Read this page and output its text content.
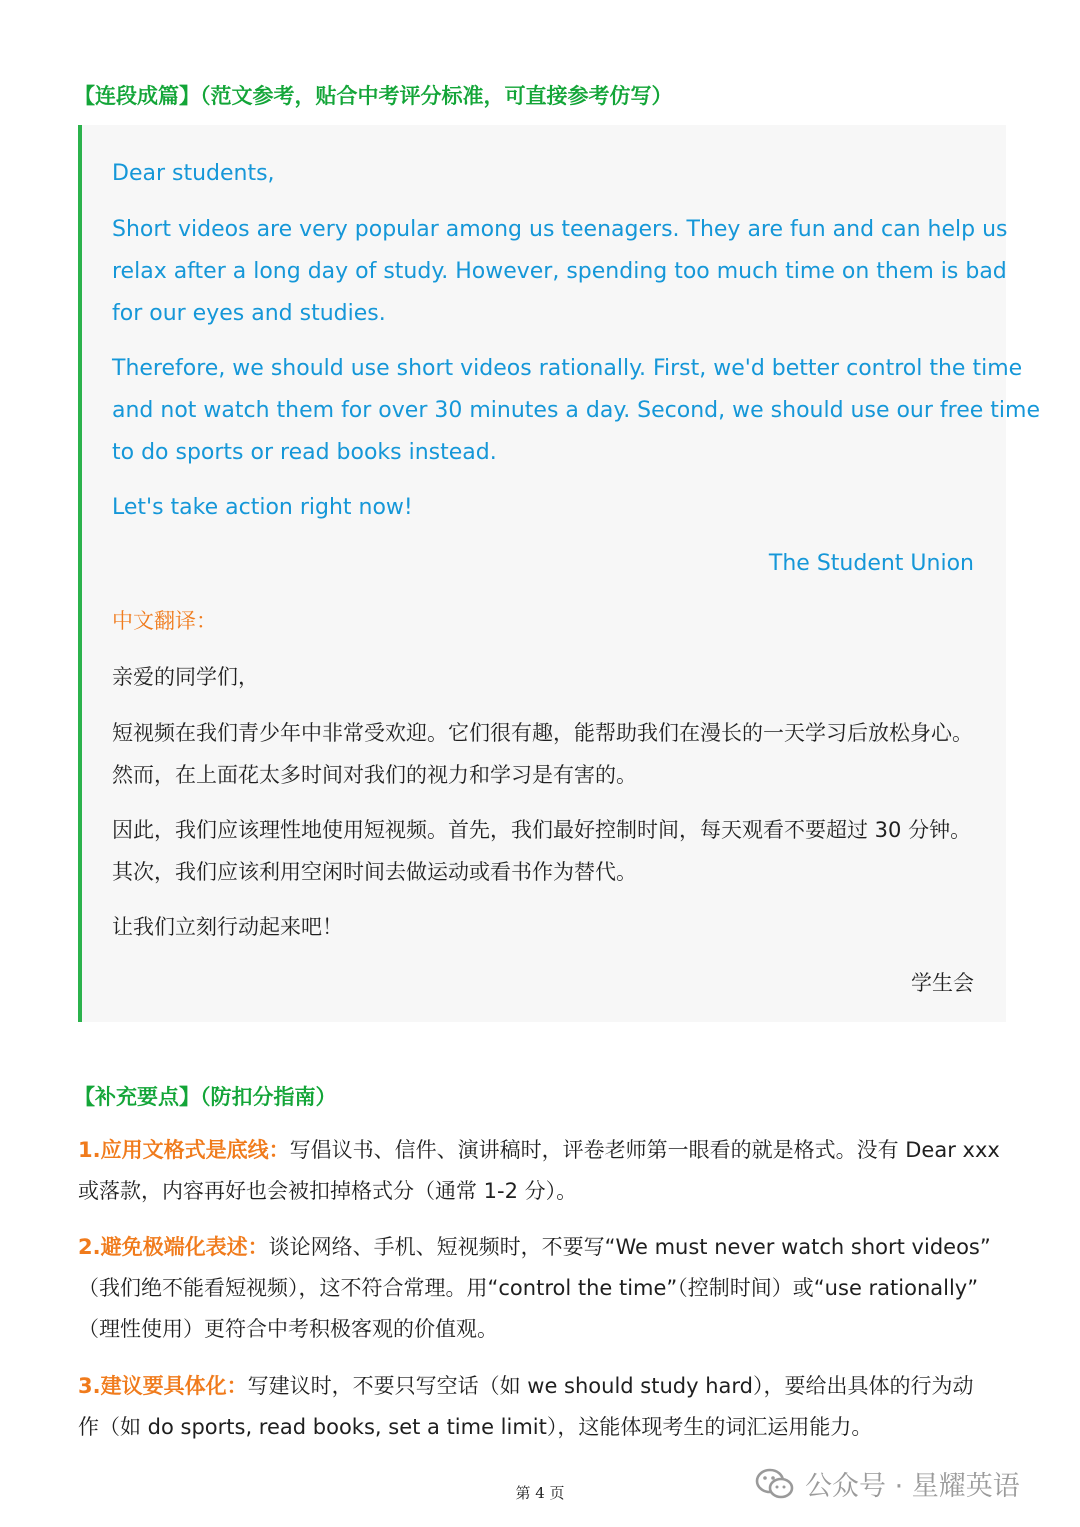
【连段成篇】（范文参考，贴合中考评分标准，可直接参考仿写）
Dear students,
Short videos are very popular among us teenagers. They are fun and can help us
relax after a long day of study. However, spending too much time on them is bad
for our eyes and studies.
Therefore, we should use short videos rationally. First, we'd better control the time
and not watch them for over 30 minutes a day. Second, we should use our free time
to do sports or read books instead.
Let's take action right now!
The Student Union
中文翻译：
亲爱的同学们，
短视频在我们青少年中非常受欢迎。它们很有趣，能帮助我们在漫长的一天学习后放松身心。
然而，在上面花太多时间对我们的视力和学习是有害的。
因此，我们应该理性地使用短视频。首先，我们最好控制时间，每天观看不要超过 30 分钟。
其次，我们应该利用空闲时间去做运动或看书作为替代。
让我们立刻行动起来吧！
学生会
【补充要点】（防扣分指南）
1.应用文格式是底线：写倡议书、信件、演讲稿时，评卷老师第一眼看的就是格式。没有 Dear xxx
或落款，内容再好也会被扣掉格式分（通常 1-2 分）。
2.避免极端化表述：谈论网络、手机、短视频时，不要写“We must never watch short videos”
（我们绝不能看短视频），这不符合常理。用“control the time”（控制时间）或“use rationally”
（理性使用）更符合中考积极客观的价值观。
3.建议要具体化：写建议时，不要只写空话（如 we should study hard），要给出具体的行为动
作（如 do sports, read books, set a time limit），这能体现考生的词汇运用能力。
第 4 页	公众号 · 星耀英语
